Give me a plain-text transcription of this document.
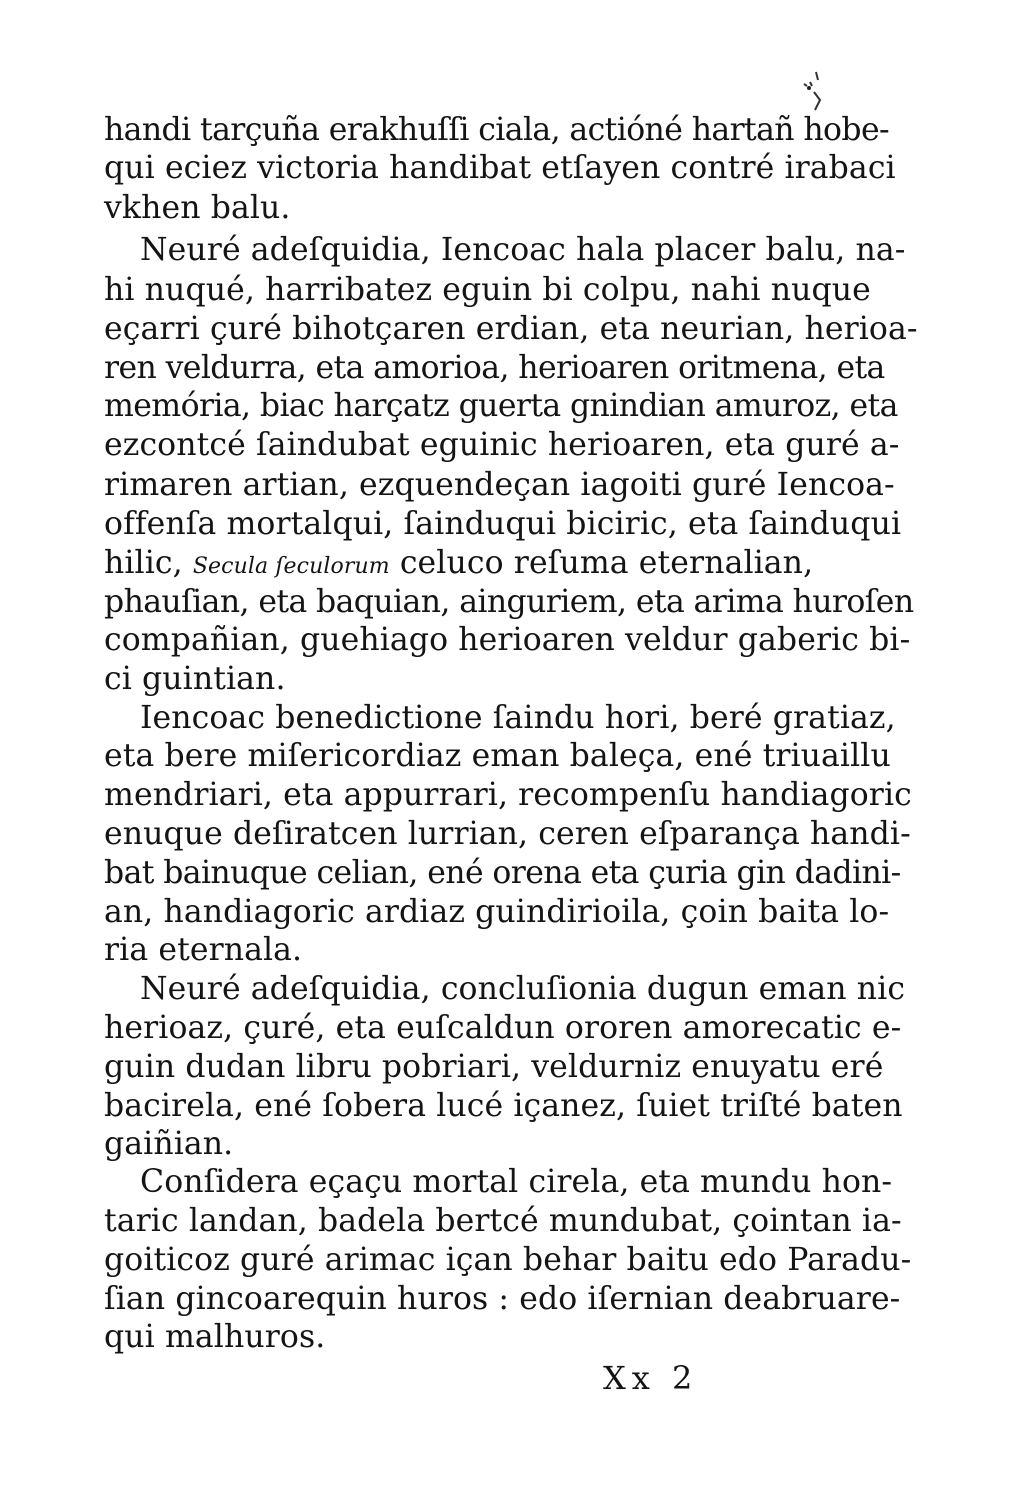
handi tarçuña erakhuſſi ciala, actióné hartañ hobe-
qui eciez victoria handibat etſayen contré irabaci
vkhen balu.
Neuré adeſquidia, Iencoac hala placer balu, na-
hi nuqué, harribatez eguin bi colpu, nahi nuque
eçarri çuré bihotçaren erdian, eta neurian, herioa-
ren veldurra, eta amorioa, herioaren oritmena, eta
memória, biac harçatz guerta gnindian amuroz, eta
ezcontcé ſaindubat eguinic herioaren, eta guré a-
rimaren artian, ezquendeçan iagoiti guré Iencoa-
offenſa mortalqui, ſainduqui biciric, eta ſainduqui
hilic, Secula ſeculorum celuco reſuma eternalian,
phauſian, eta baquian, ainguriem, eta arima huroſen
compañian, guehiago herioaren veldur gaberic bi-
ci guintian.
Iencoac benedictione ſaindu hori, beré gratiaz,
eta bere miſericordiaz eman baleça, ené triuaillu
mendriari, eta appurrari, recompenſu handiagoric
enuque deſiratcen lurrian, ceren eſparança handi-
bat bainuque celian, ené orena eta çuria gin dadini-
an, handiagoric ardiaz guindirioila, çoin baita lo-
ria eternala.
Neuré adeſquidia, concluſionia dugun eman nic
herioaz, çuré, eta euſcaldun ororen amorecatic e-
guin dudan libru pobriari, veldurniz enuyatu eré
bacirela, ené ſobera lucé içanez, ſuiet triſté baten
gaiñian.
Conſidera eçaçu mortal cirela, eta mundu hon-
taric landan, badela bertcé mundubat, çointan ia-
goiticoz guré arimac içan behar baitu edo Paradu-
ſian gincoarequin huros : edo iſernian deabruare-
qui malhuros.
Xx 2
